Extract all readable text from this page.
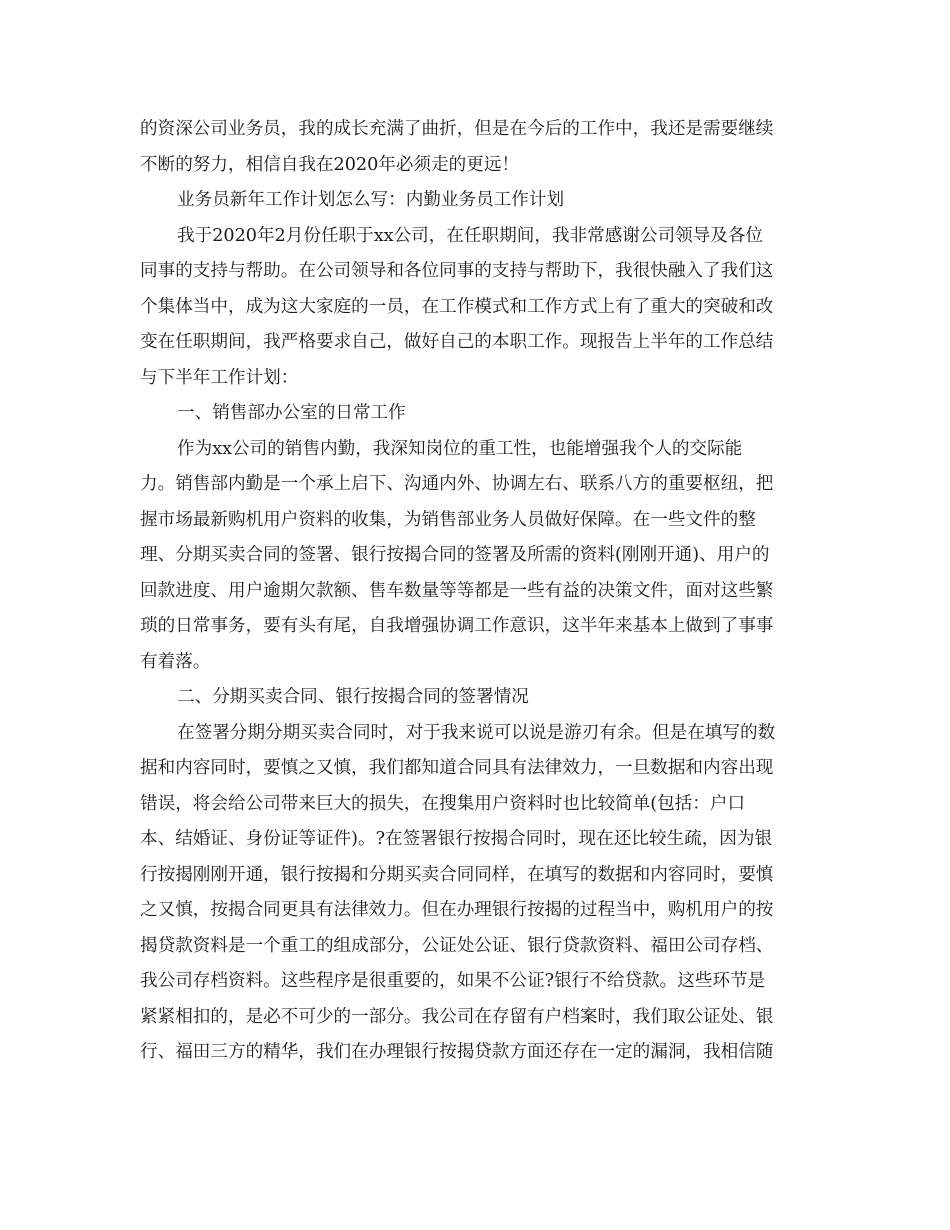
的资深公司业务员，我的成长充满了曲折，但是在今后的工作中，我还是需要继续
不断的努力，相信自我在2020年必须走的更远！
业务员新年工作计划怎么写：内勤业务员工作计划
我于2020年2月份任职于xx公司，在任职期间，我非常感谢公司领导及各位
同事的支持与帮助。在公司领导和各位同事的支持与帮助下，我很快融入了我们这
个集体当中，成为这大家庭的一员，在工作模式和工作方式上有了重大的突破和改
变在任职期间，我严格要求自己，做好自己的本职工作。现报告上半年的工作总结
与下半年工作计划：
一、销售部办公室的日常工作
作为xx公司的销售内勤，我深知岗位的重工性，也能增强我个人的交际能
力。销售部内勤是一个承上启下、沟通内外、协调左右、联系八方的重要枢纽，把
握市场最新购机用户资料的收集，为销售部业务人员做好保障。在一些文件的整
理、分期买卖合同的签署、银行按揭合同的签署及所需的资料(刚刚开通)、用户的
回款进度、用户逾期欠款额、售车数量等等都是一些有益的决策文件，面对这些繁
琐的日常事务，要有头有尾，自我增强协调工作意识，这半年来基本上做到了事事
有着落。
二、分期买卖合同、银行按揭合同的签署情况
在签署分期分期买卖合同时，对于我来说可以说是游刃有余。但是在填写的数
据和内容同时，要慎之又慎，我们都知道合同具有法律效力，一旦数据和内容出现
错误，将会给公司带来巨大的损失，在搜集用户资料时也比较简单(包括：户口
本、结婚证、身份证等证件)。?在签署银行按揭合同时，现在还比较生疏，因为银
行按揭刚刚开通，银行按揭和分期买卖合同同样，在填写的数据和内容同时，要慎
之又慎，按揭合同更具有法律效力。但在办理银行按揭的过程当中，购机用户的按
揭贷款资料是一个重工的组成部分，公证处公证、银行贷款资料、福田公司存档、
我公司存档资料。这些程序是很重要的，如果不公证?银行不给贷款。这些环节是
紧紧相扣的，是必不可少的一部分。我公司在存留有户档案时，我们取公证处、银
行、福田三方的精华，我们在办理银行按揭贷款方面还存在一定的漏洞，我相信随
